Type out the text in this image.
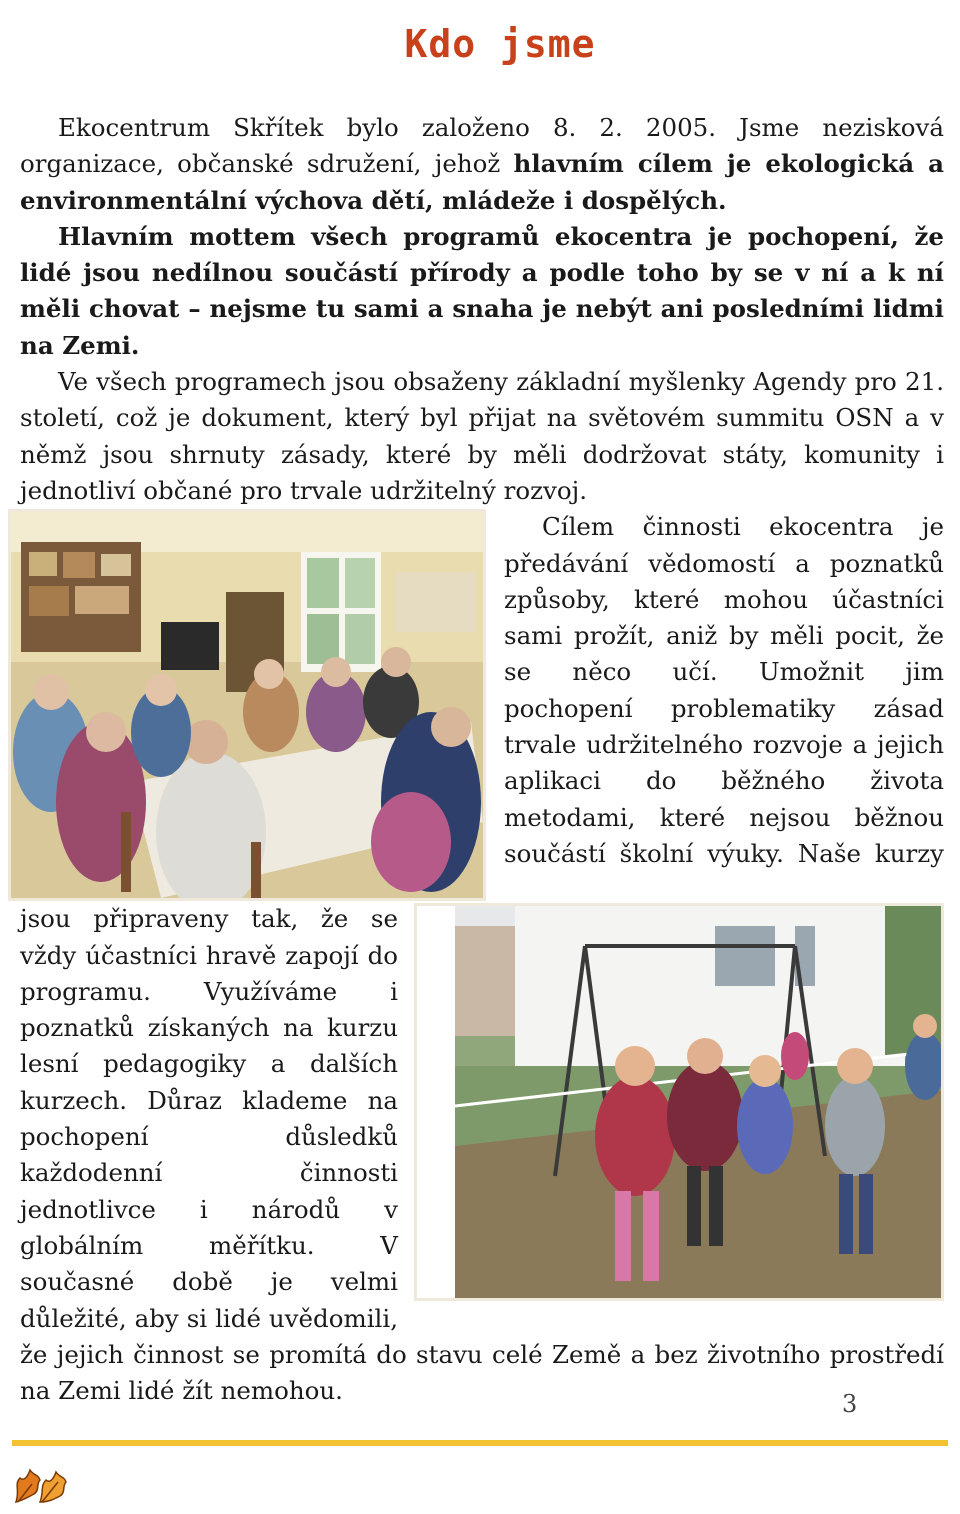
Kdo jsme

Ekocentrum Skřítek bylo založeno 8. 2. 2005. Jsme nezisková organizace, občanské sdružení, jehož hlavním cílem je ekologická a environmentální výchova dětí, mládeže i dospělých.

Hlavním mottem všech programů ekocentra je pochopení, že lidé jsou nedílnou součástí přírody a podle toho by se v ní a k ní měli chovat – nejsme tu sami a snaha je nebýt ani posledními lidmi na Zemi.

Ve všech programech jsou obsaženy základní myšlenky Agendy pro 21. století, což je dokument, který byl přijat na světovém summitu OSN a v němž jsou shrnuty zásady, které by měli dodržovat státy, komunity i jednotliví občané pro trvale udržitelný rozvoj.

Cílem činnosti ekocentra je předávání vědomostí a poznatků způsoby, které mohou účastníci sami prožít, aniž by měli pocit, že se něco učí. Umožnit jim pochopení problematiky zásad trvale udržitelného rozvoje a jejich aplikaci do běžného života metodami, které nejsou běžnou součástí školní výuky. Naše kurzy jsou připraveny tak, že se vždy účastníci hravě zapojí do programu. Využíváme i poznatků získaných na kurzu lesní pedagogiky a dalších kurzech. Důraz klademe na pochopení důsledků každodenní činnosti jednotlivce i národů v globálním měřítku. V současné době je velmi důležité, aby si lidé uvědomili, že jejich činnost se promítá do stavu celé Země a bez životního prostředí na Zemi lidé žít nemohou.	3
